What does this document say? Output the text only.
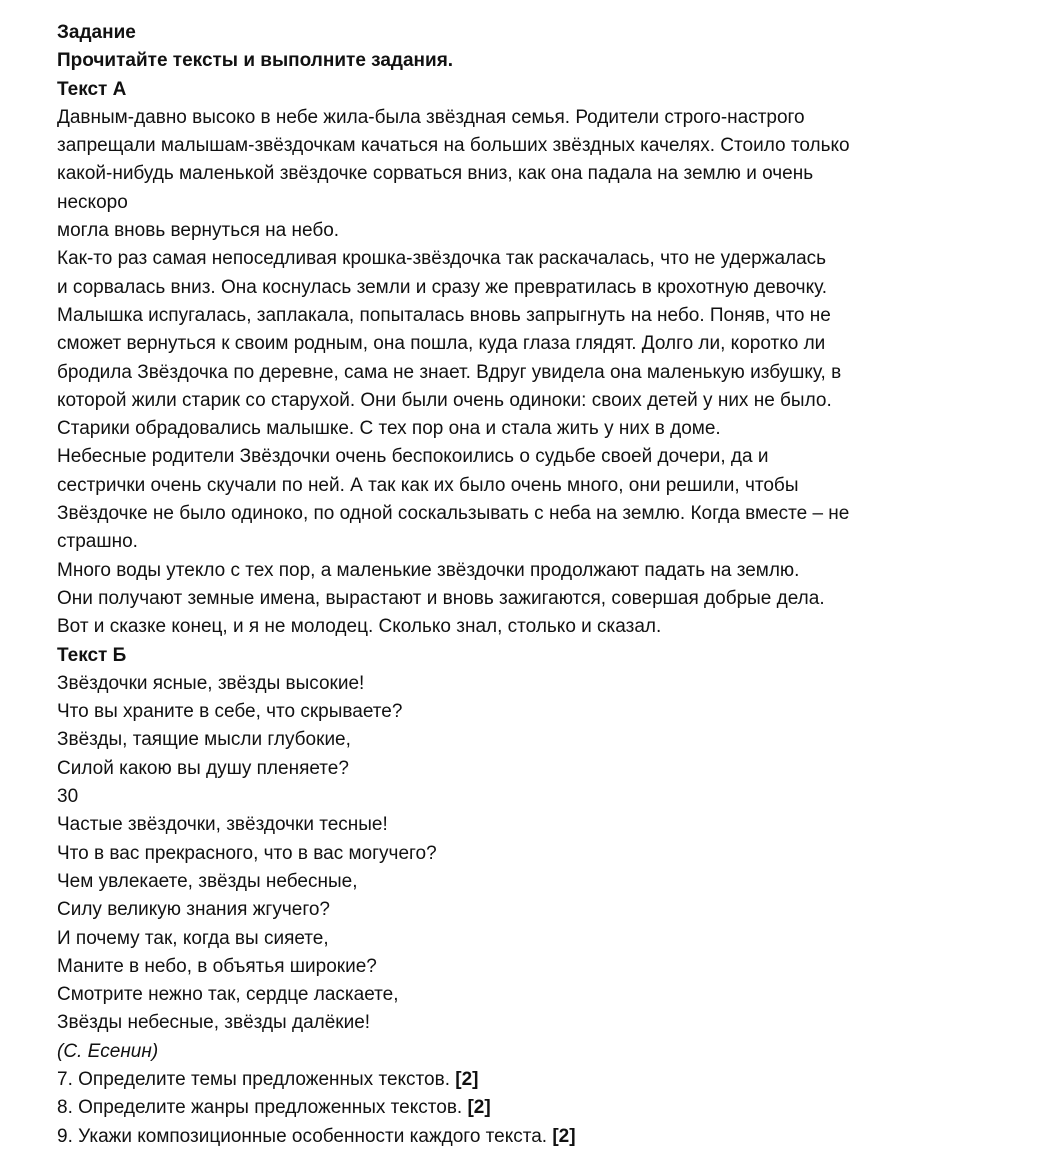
Задание
Прочитайте тексты и выполните задания.
Текст А
Давным-давно высоко в небе жила-была звёздная семья. Родители строго-настрого
запрещали малышам-звёздочкам качаться на больших звёздных качелях. Стоило только
какой-нибудь маленькой звёздочке сорваться вниз, как она падала на землю и очень
нескоро
могла вновь вернуться на небо.
Как-то раз самая непоседливая крошка-звёздочка так раскачалась, что не удержалась
и сорвалась вниз. Она коснулась земли и сразу же превратилась в крохотную девочку.
Малышка испугалась, заплакала, попыталась вновь запрыгнуть на небо. Поняв, что не
сможет вернуться к своим родным, она пошла, куда глаза глядят. Долго ли, коротко ли
бродила Звёздочка по деревне, сама не знает. Вдруг увидела она маленькую избушку, в
которой жили старик со старухой. Они были очень одиноки: своих детей у них не было.
Старики обрадовались малышке. С тех пор она и стала жить у них в доме.
Небесные родители Звёздочки очень беспокоились о судьбе своей дочери, да и
сестрички очень скучали по ней. А так как их было очень много, они решили, чтобы
Звёздочке не было одиноко, по одной соскальзывать с неба на землю. Когда вместе – не
страшно.
Много воды утекло с тех пор, а маленькие звёздочки продолжают падать на землю.
Они получают земные имена, вырастают и вновь зажигаются, совершая добрые дела.
Вот и сказке конец, и я не молодец. Сколько знал, столько и сказал.
Текст Б
Звёздочки ясные, звёзды высокие!
Что вы храните в себе, что скрываете?
Звёзды, таящие мысли глубокие,
Силой какою вы душу пленяете?
30
Частые звёздочки, звёздочки тесные!
Что в вас прекрасного, что в вас могучего?
Чем увлекаете, звёзды небесные,
Силу великую знания жгучего?
И почему так, когда вы сияете,
Маните в небо, в объятья широкие?
Смотрите нежно так, сердце ласкаете,
Звёзды небесные, звёзды далёкие!
(С. Есенин)
7. Определите темы предложенных текстов. [2]
8. Определите жанры предложенных текстов. [2]
9. Укажи композиционные особенности каждого текста. [2]
